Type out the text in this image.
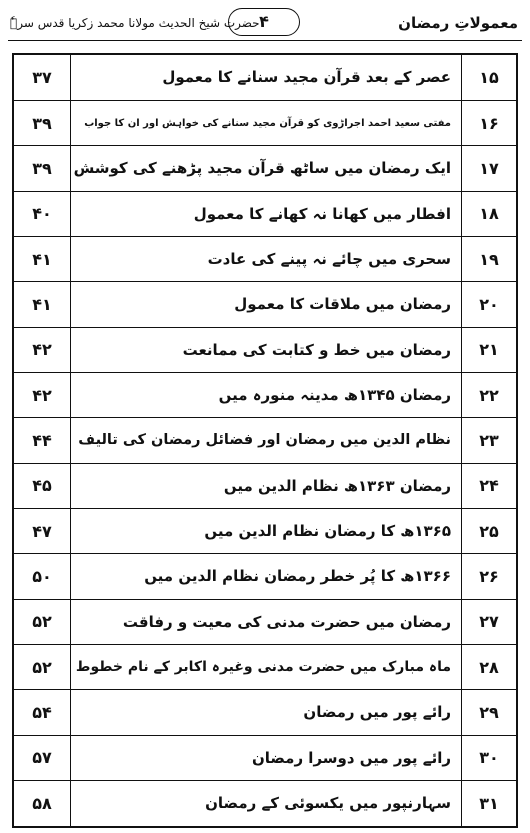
معمولاتِ رمضان
۴
حضرت شیخ الحدیث مولانا محمد زکریا قدس سرہٗ
۳۷	عصر کے بعد قرآن مجید سنانے کا معمول	۱۵
۳۹	مفتی سعید احمد اجراڑوی کو قرآن مجید سنانے کی خواہش اور ان کا جواب	۱۶
۳۹	ایک رمضان میں ساٹھ قرآن مجید پڑھنے کی کوشش	۱۷
۴۰	افطار میں کھانا نہ کھانے کا معمول	۱۸
۴۱	سحری میں چائے نہ پینے کی عادت	۱۹
۴۱	رمضان میں ملاقات کا معمول	۲۰
۴۲	رمضان میں خط و کتابت کی ممانعت	۲۱
۴۲	رمضان ۱۳۴۵ھ مدینہ منورہ میں	۲۲
۴۴	نظام الدین میں رمضان اور فضائل رمضان کی تالیف	۲۳
۴۵	رمضان ۱۳۶۳ھ نظام الدین میں	۲۴
۴۷	۱۳۶۵ھ کا رمضان نظام الدین میں	۲۵
۵۰	۱۳۶۶ھ کا پُر خطر رمضان نظام الدین میں	۲۶
۵۲	رمضان میں حضرت مدنی کی معیت و رفاقت	۲۷
۵۲	ماہ مبارک میں حضرت مدنی وغیرہ اکابر کے نام خطوط	۲۸
۵۴	رائے پور میں رمضان	۲۹
۵۷	رائے پور میں دوسرا رمضان	۳۰
۵۸	سہارنپور میں یکسوئی کے رمضان	۳۱
